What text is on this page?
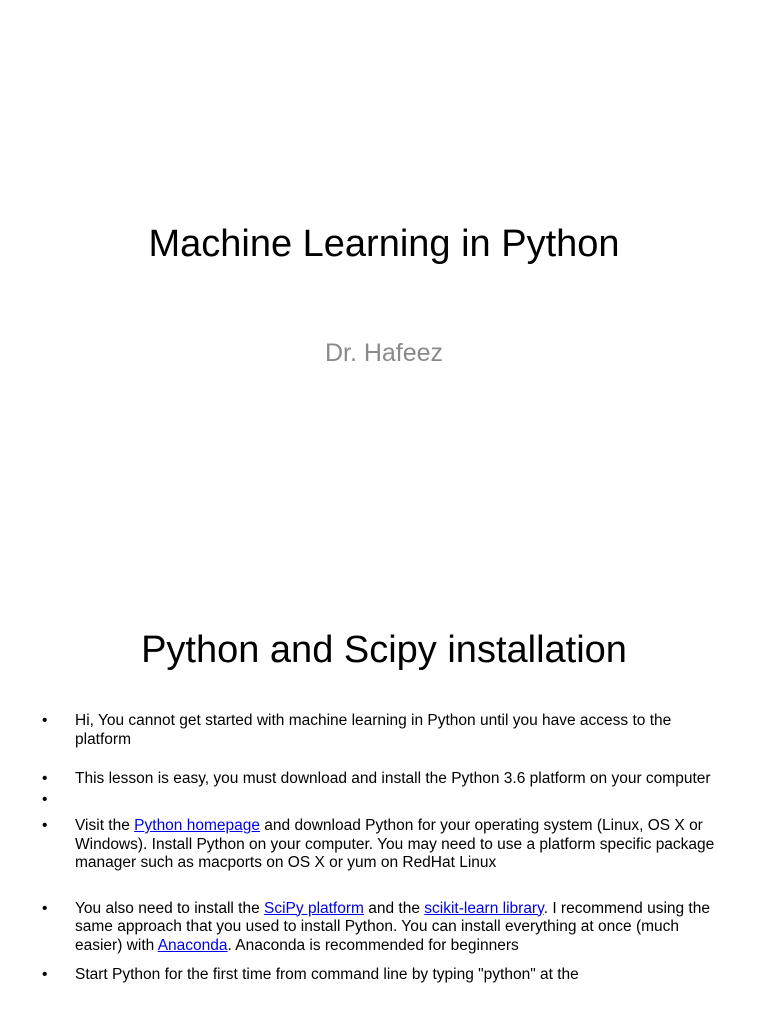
Machine Learning in Python

Dr. Hafeez

Python and Scipy installation
• Hi, You cannot get started with machine learning in Python until you have access to the platform
• This lesson is easy, you must download and install the Python 3.6 platform on your computer
•

• Visit the Python homepage and download Python for your operating system (Linux, OS X or Windows). Install Python on your computer. You may need to use a platform specific package manager such as macports on OS X or yum on RedHat Linux
• You also need to install the SciPy platform and the scikit-learn library. I recommend using the same approach that you used to install Python. You can install everything at once (much easier) with Anaconda. Anaconda is recommended for beginners
• Start Python for the first time from command line by typing "python" at the
